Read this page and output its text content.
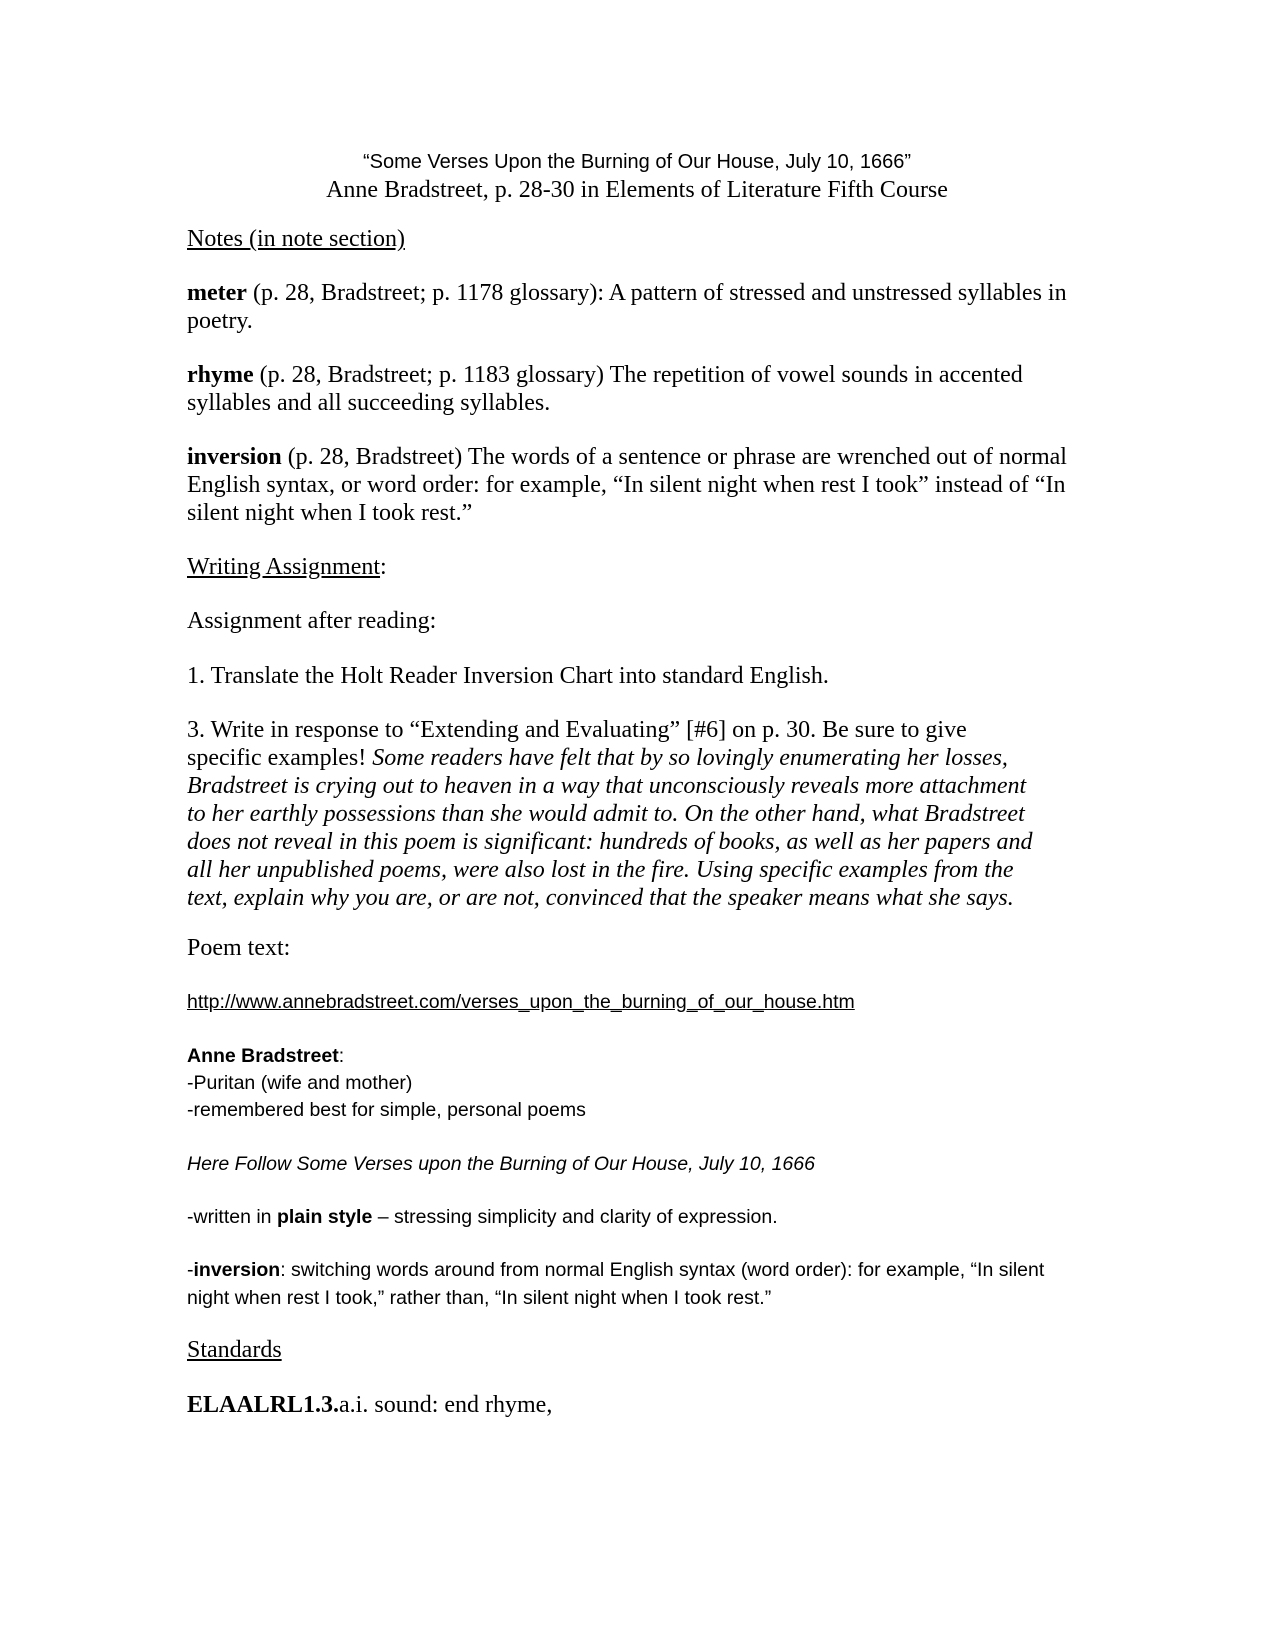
“Some Verses Upon the Burning of Our House, July 10, 1666”

Anne Bradstreet, p. 28-30 in Elements of Literature Fifth Course

Notes (in note section)

meter (p. 28, Bradstreet; p. 1178 glossary): A pattern of stressed and unstressed syllables in poetry.

rhyme (p. 28, Bradstreet; p. 1183 glossary) The repetition of vowel sounds in accented syllables and all succeeding syllables.

inversion (p. 28, Bradstreet) The words of a sentence or phrase are wrenched out of normal English syntax, or word order: for example, “In silent night when rest I took” instead of “In silent night when I took rest.”

Writing Assignment:

Assignment after reading:

1. Translate the Holt Reader Inversion Chart into standard English.

3. Write in response to “Extending and Evaluating” [#6] on p. 30. Be sure to give specific examples! Some readers have felt that by so lovingly enumerating her losses, Bradstreet is crying out to heaven in a way that unconsciously reveals more attachment to her earthly possessions than she would admit to. On the other hand, what Bradstreet does not reveal in this poem is significant: hundreds of books, as well as her papers and all her unpublished poems, were also lost in the fire. Using specific examples from the text, explain why you are, or are not, convinced that the speaker means what she says.

Poem text:

http://www.annebradstreet.com/verses_upon_the_burning_of_our_house.htm

Anne Bradstreet:

-Puritan (wife and mother)

-remembered best for simple, personal poems

Here Follow Some Verses upon the Burning of Our House, July 10, 1666

-written in plain style – stressing simplicity and clarity of expression.

-inversion: switching words around from normal English syntax (word order): for example, “In silent night when rest I took,” rather than, “In silent night when I took rest.”

Standards

ELAALRL1.3.a.i. sound: end rhyme,
